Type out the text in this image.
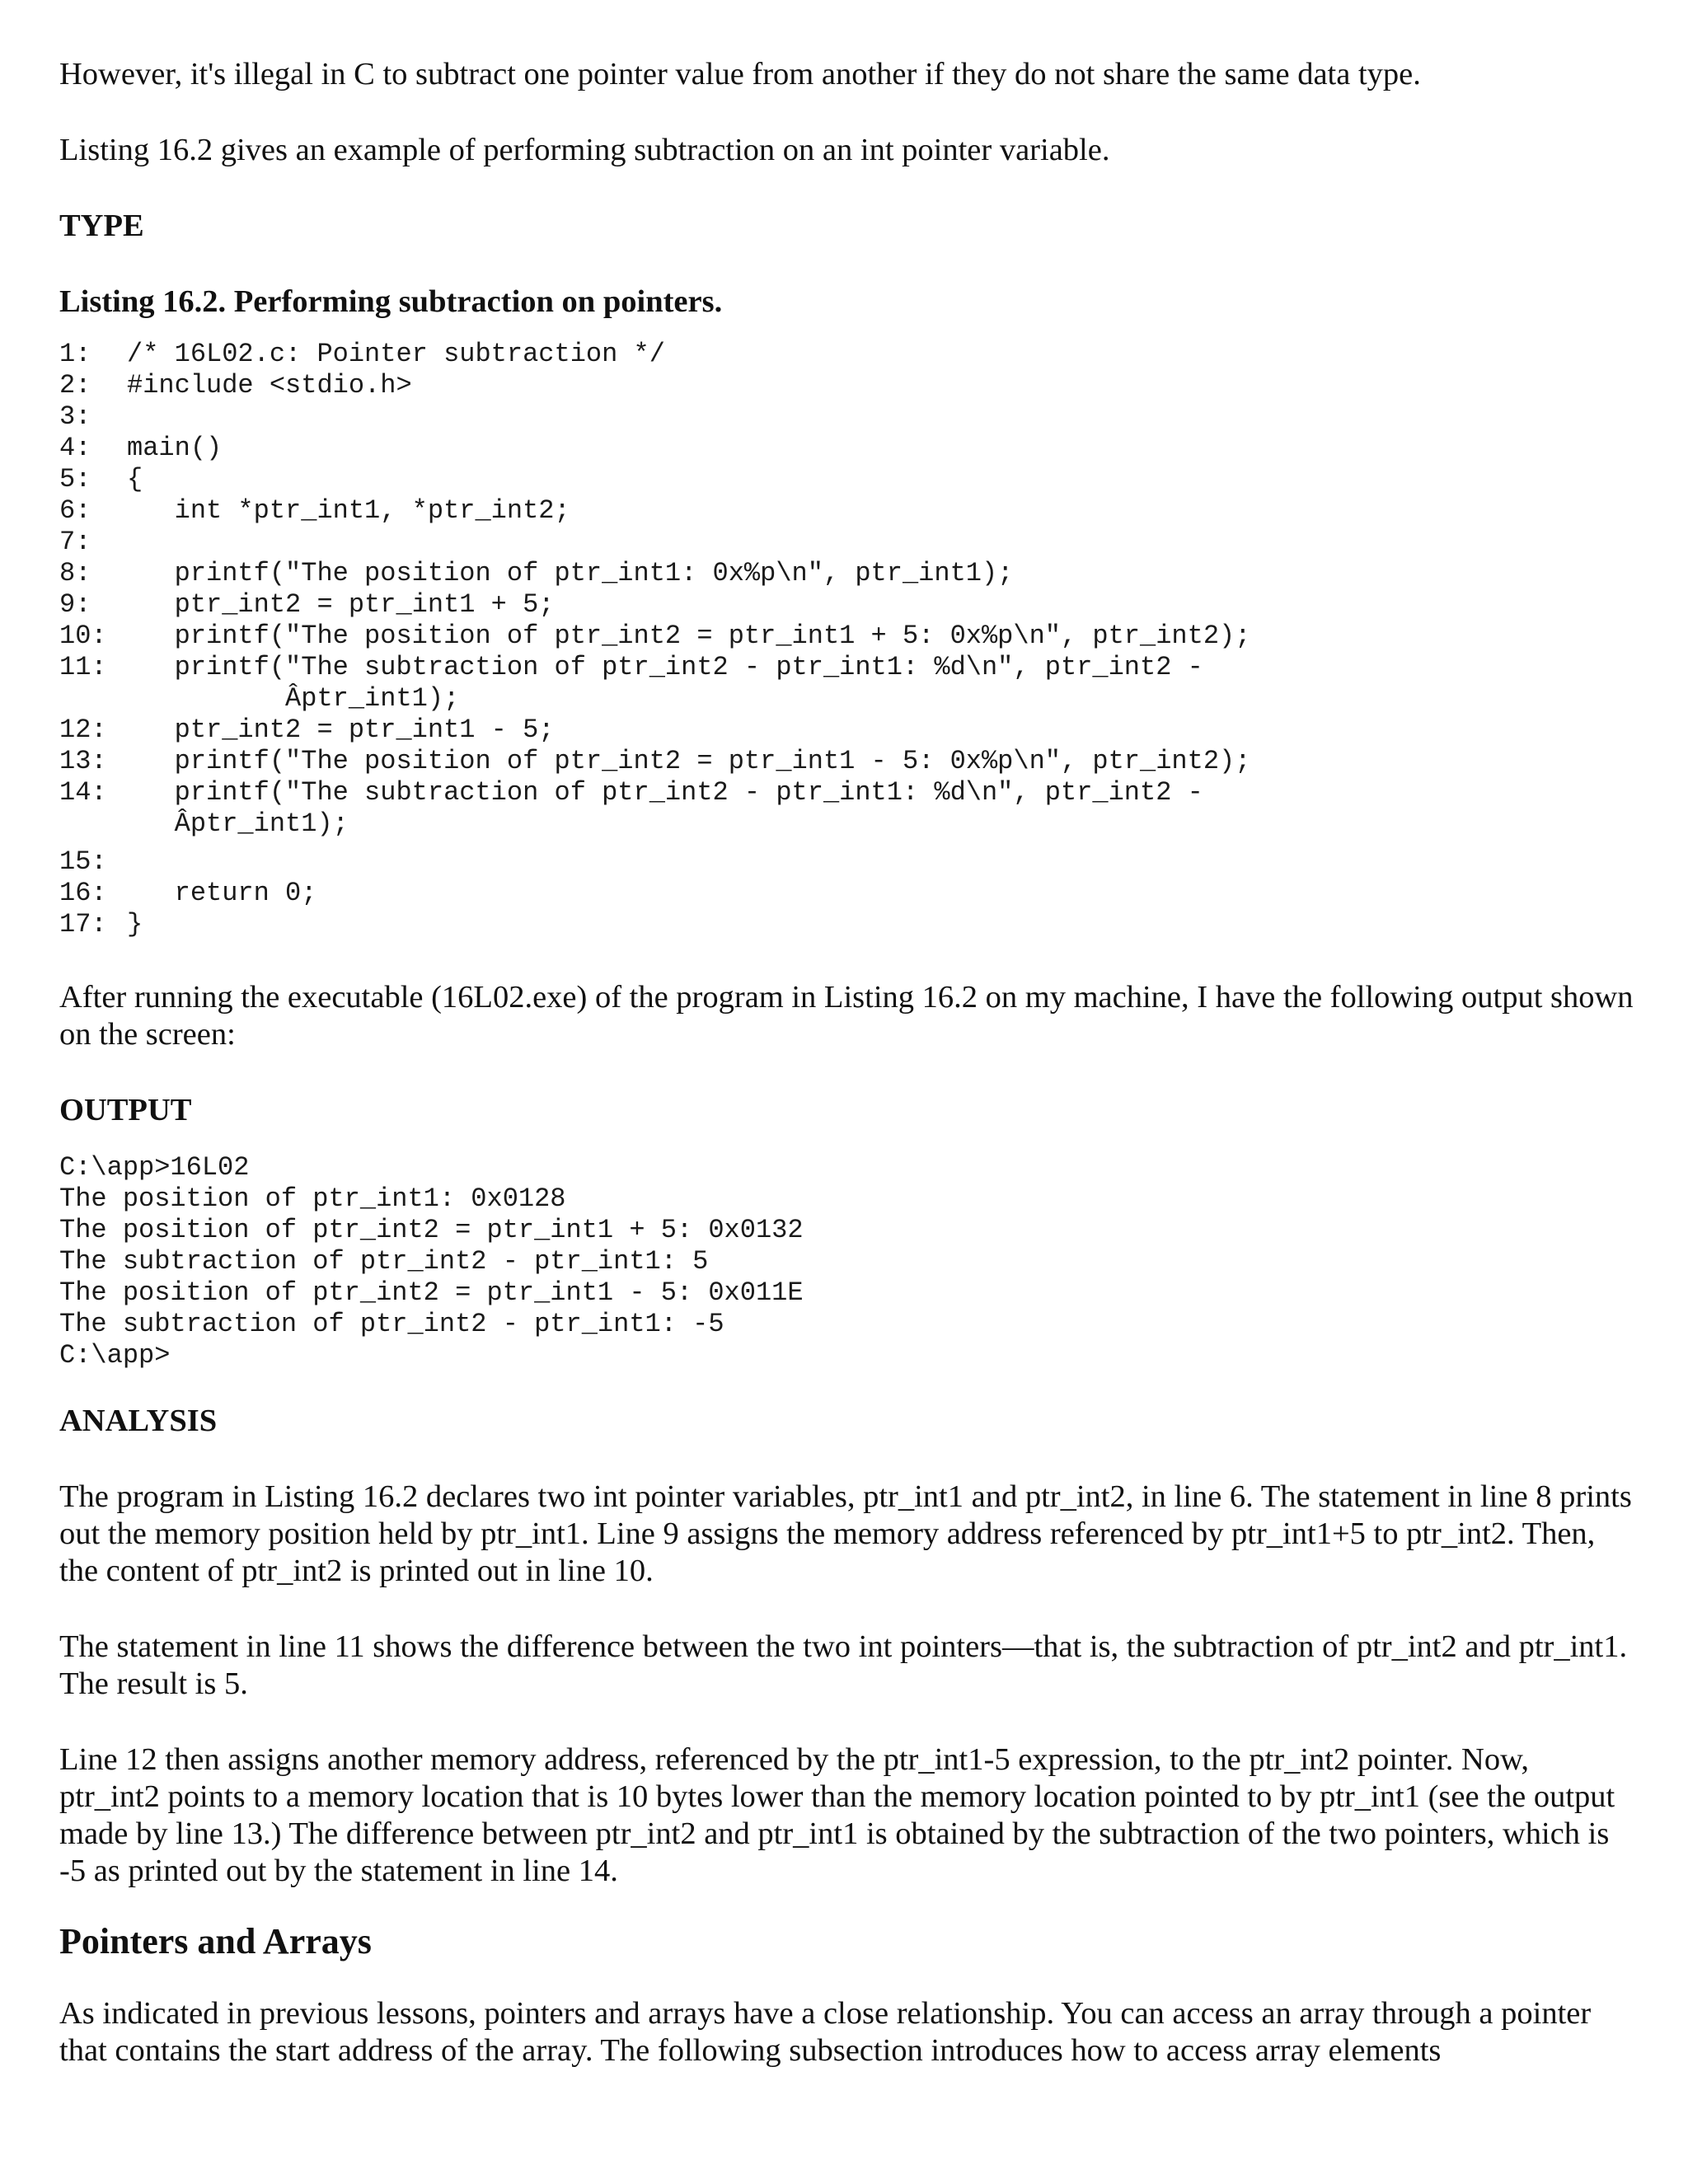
However, it's illegal in C to subtract one pointer value from another if they do not share the same data type.

Listing 16.2 gives an example of performing subtraction on an int pointer variable.

TYPE

Listing 16.2. Performing subtraction on pointers.

1:	/* 16L02.c: Pointer subtraction */
2:	#include <stdio.h>
3:
4:	main()
5:	{
6:	int *ptr_int1, *ptr_int2;
7:
8:	printf("The position of ptr_int1: 0x%p\n", ptr_int1);
9:	ptr_int2 = ptr_int1 + 5;
10: printf("The position of ptr_int2 = ptr_int1 + 5: 0x%p\n", ptr_int2);
11: printf("The subtraction of ptr_int2 - ptr_int1: %d\n", ptr_int2 -
Âptr_int1);
12: ptr_int2 = ptr_int1 - 5;
13: printf("The position of ptr_int2 = ptr_int1 - 5: 0x%p\n", ptr_int2);
14: printf("The subtraction of ptr_int2 - ptr_int1: %d\n", ptr_int2 -
Âptr_int1);
15:
16: return 0;
17: }

After running the executable (16L02.exe) of the program in Listing 16.2 on my machine, I have the following output shown on the screen:

OUTPUT

C:\app>16L02
The position of ptr_int1: 0x0128
The position of ptr_int2 = ptr_int1 + 5: 0x0132
The subtraction of ptr_int2 - ptr_int1: 5
The position of ptr_int2 = ptr_int1 - 5: 0x011E
The subtraction of ptr_int2 - ptr_int1: -5
C:\app>

ANALYSIS

The program in Listing 16.2 declares two int pointer variables, ptr_int1 and ptr_int2, in line 6. The statement in line 8 prints out the memory position held by ptr_int1. Line 9 assigns the memory address referenced by ptr_int1+5 to ptr_int2. Then, the content of ptr_int2 is printed out in line 10.

The statement in line 11 shows the difference between the two int pointers—that is, the subtraction of ptr_int2 and ptr_int1. The result is 5.

Line 12 then assigns another memory address, referenced by the ptr_int1-5 expression, to the ptr_int2 pointer. Now, ptr_int2 points to a memory location that is 10 bytes lower than the memory location pointed to by ptr_int1 (see the output made by line 13.) The difference between ptr_int2 and ptr_int1 is obtained by the subtraction of the two pointers, which is -5 as printed out by the statement in line 14.

Pointers and Arrays

As indicated in previous lessons, pointers and arrays have a close relationship. You can access an array through a pointer that contains the start address of the array. The following subsection introduces how to access array elements
